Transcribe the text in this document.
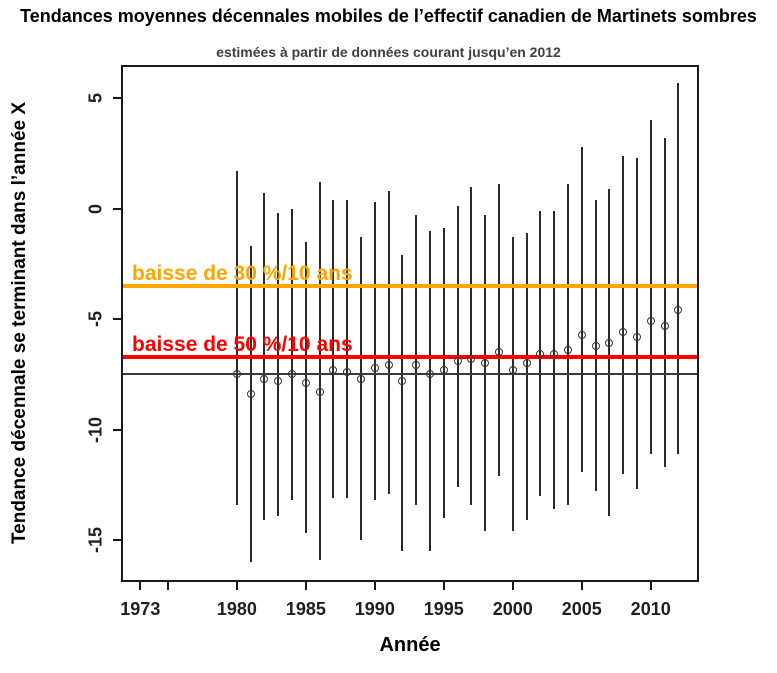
Tendances moyennes décennales mobiles de l’effectif canadien de Martinets sombres
estimées à partir de données courant jusqu’en 2012
Tendance décennale se terminant dans l’année X
Année
baisse de 30 %/10 ans
baisse de 50 %/10 ans
1973	1980 1985 1990 1995 2000 2005 2010
5
0
-5
-10
-15
